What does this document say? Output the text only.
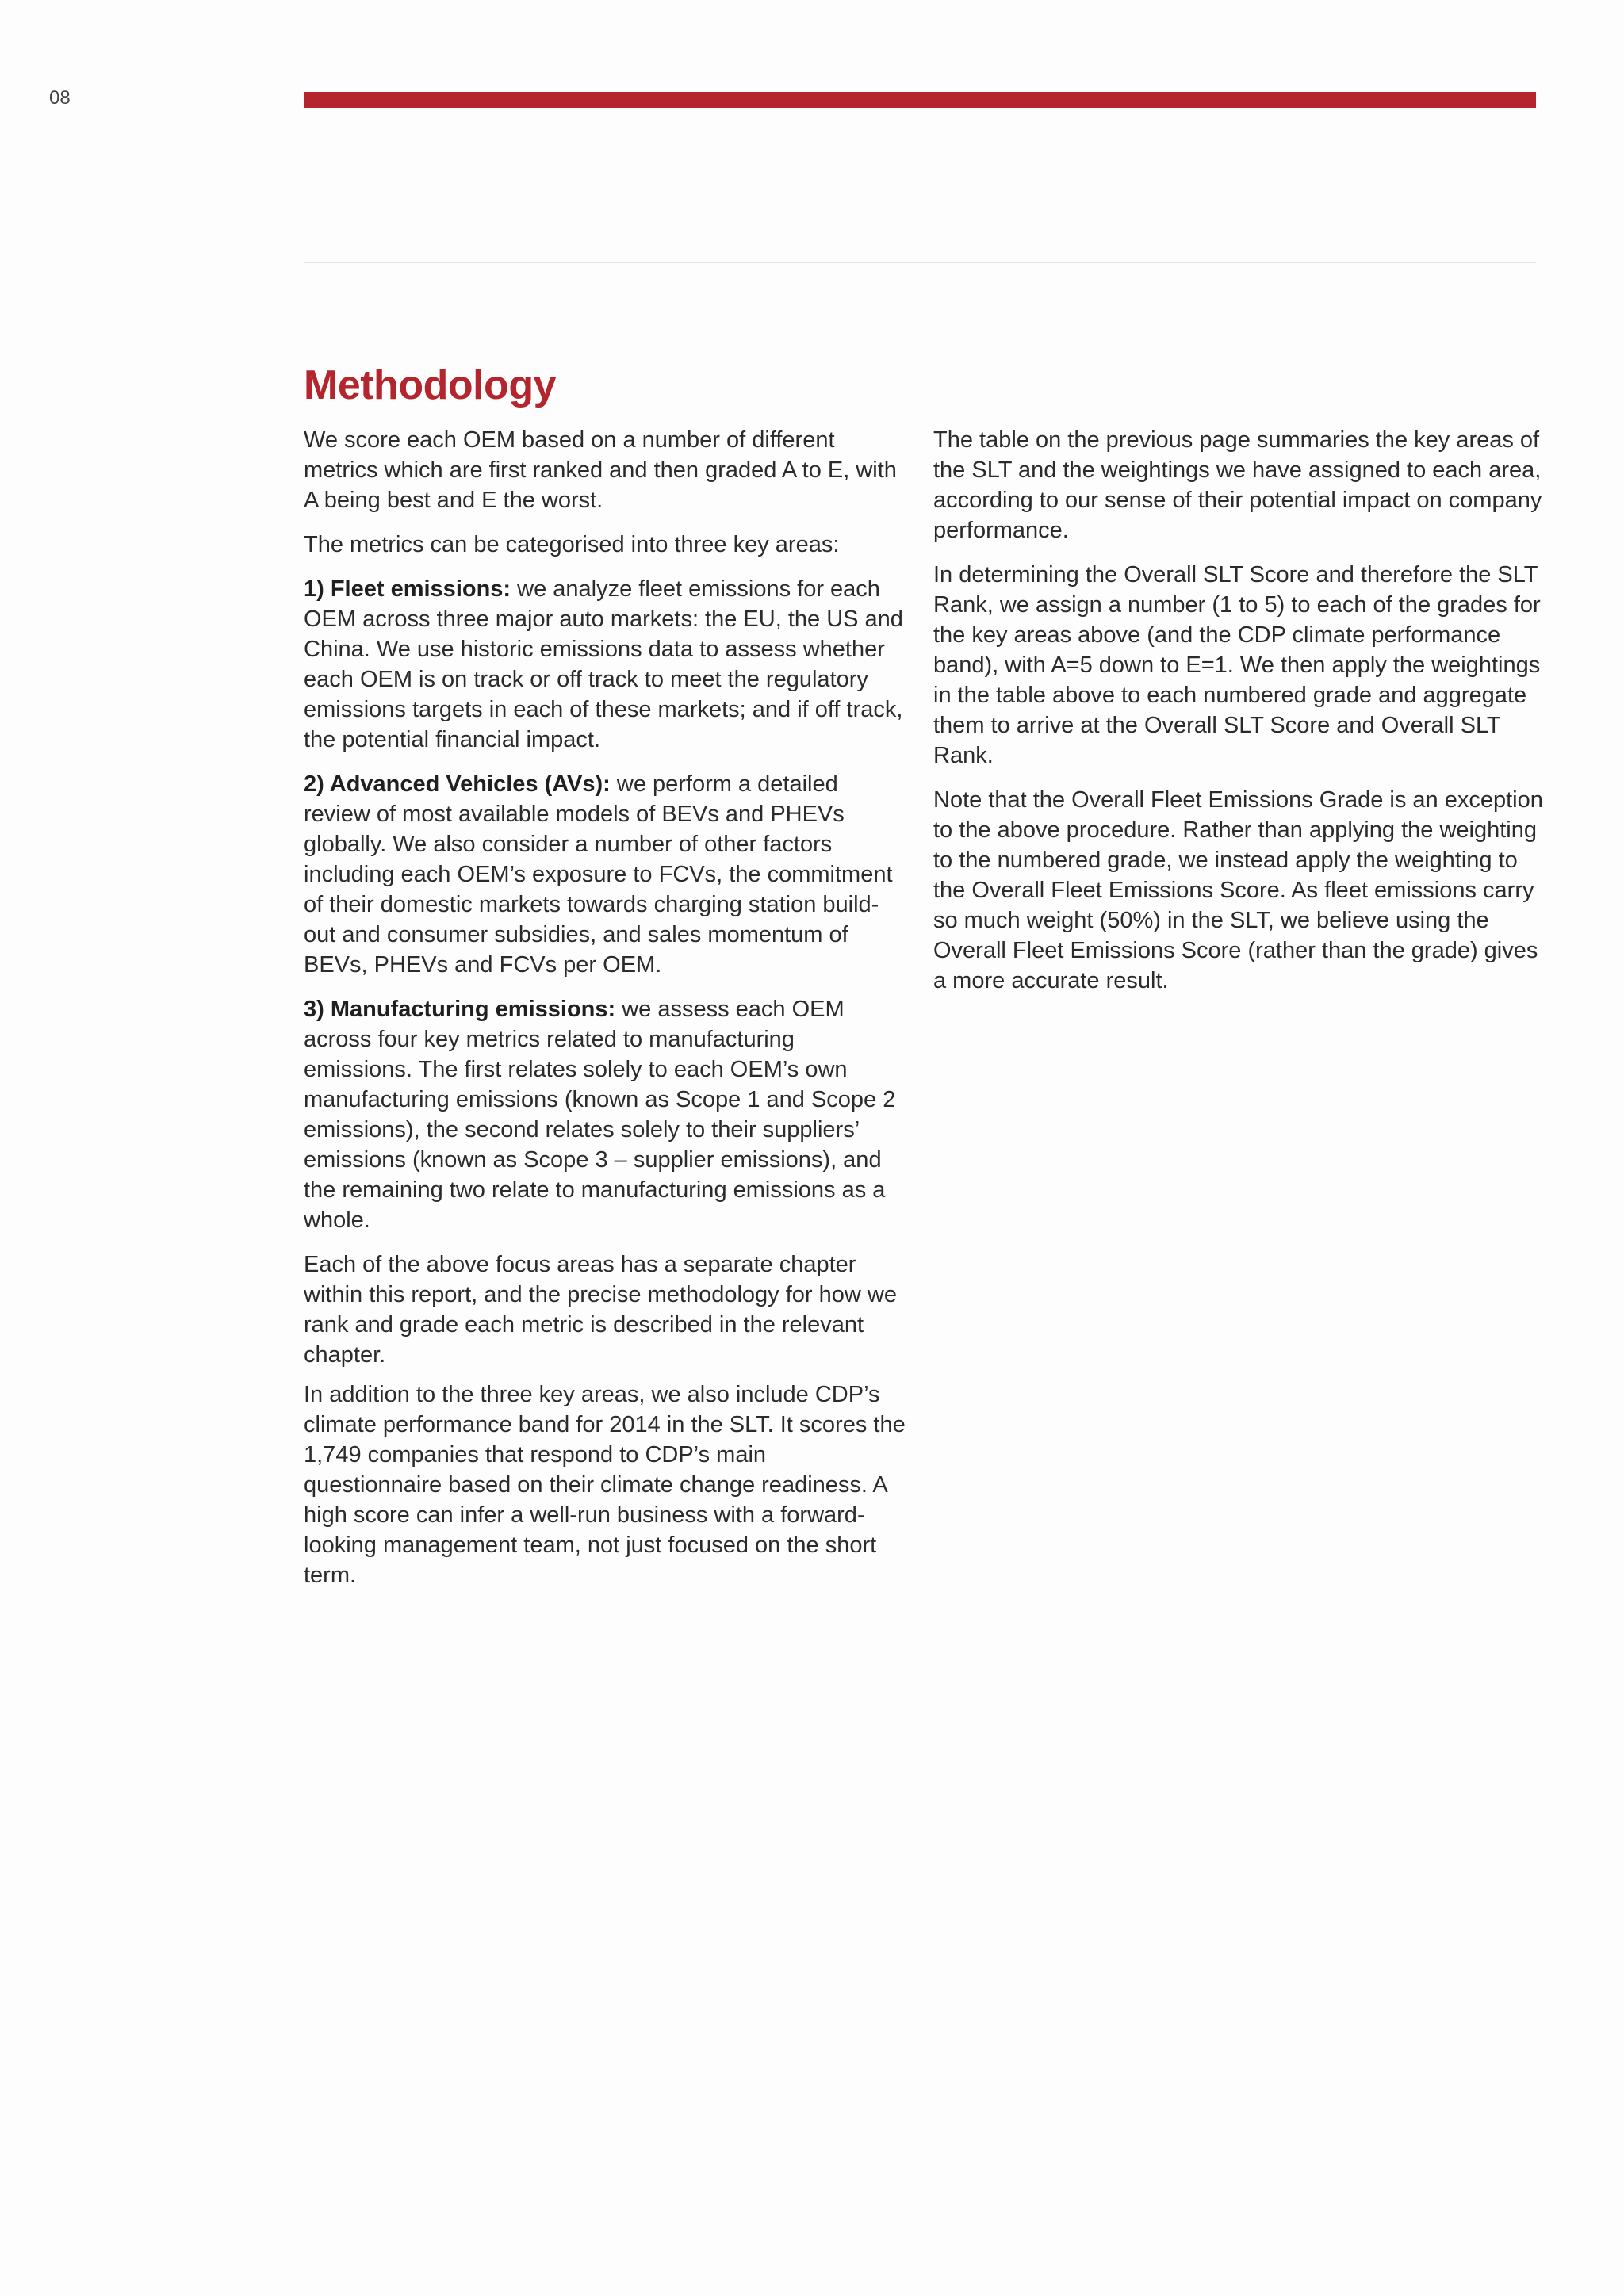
08
Methodology

We score each OEM based on a number of different metrics which are first ranked and then graded A to E, with A being best and E the worst.

The metrics can be categorised into three key areas:

1) Fleet emissions: we analyze fleet emissions for each OEM across three major auto markets: the EU, the US and China. We use historic emissions data to assess whether each OEM is on track or off track to meet the regulatory emissions targets in each of these markets; and if off track, the potential financial impact.

2) Advanced Vehicles (AVs): we perform a detailed review of most available models of BEVs and PHEVs globally. We also consider a number of other factors including each OEM’s exposure to FCVs, the commitment of their domestic markets towards charging station build-out and consumer subsidies, and sales momentum of BEVs, PHEVs and FCVs per OEM.

3) Manufacturing emissions: we assess each OEM across four key metrics related to manufacturing emissions. The first relates solely to each OEM’s own manufacturing emissions (known as Scope 1 and Scope 2 emissions), the second relates solely to their suppliers’ emissions (known as Scope 3 – supplier emissions), and the remaining two relate to manufacturing emissions as a whole.

Each of the above focus areas has a separate chapter within this report, and the precise methodology for how we rank and grade each metric is described in the relevant chapter.

In addition to the three key areas, we also include CDP’s climate performance band for 2014 in the SLT. It scores the 1,749 companies that respond to CDP’s main questionnaire based on their climate change readiness. A high score can infer a well-run business with a forward-looking management team, not just focused on the short term.

The table on the previous page summaries the key areas of the SLT and the weightings we have assigned to each area, according to our sense of their potential impact on company performance.

In determining the Overall SLT Score and therefore the SLT Rank, we assign a number (1 to 5) to each of the grades for the key areas above (and the CDP climate performance band), with A=5 down to E=1. We then apply the weightings in the table above to each numbered grade and aggregate them to arrive at the Overall SLT Score and Overall SLT Rank.

Note that the Overall Fleet Emissions Grade is an exception to the above procedure. Rather than applying the weighting to the numbered grade, we instead apply the weighting to the Overall Fleet Emissions Score. As fleet emissions carry so much weight (50%) in the SLT, we believe using the Overall Fleet Emissions Score (rather than the grade) gives a more accurate result.
